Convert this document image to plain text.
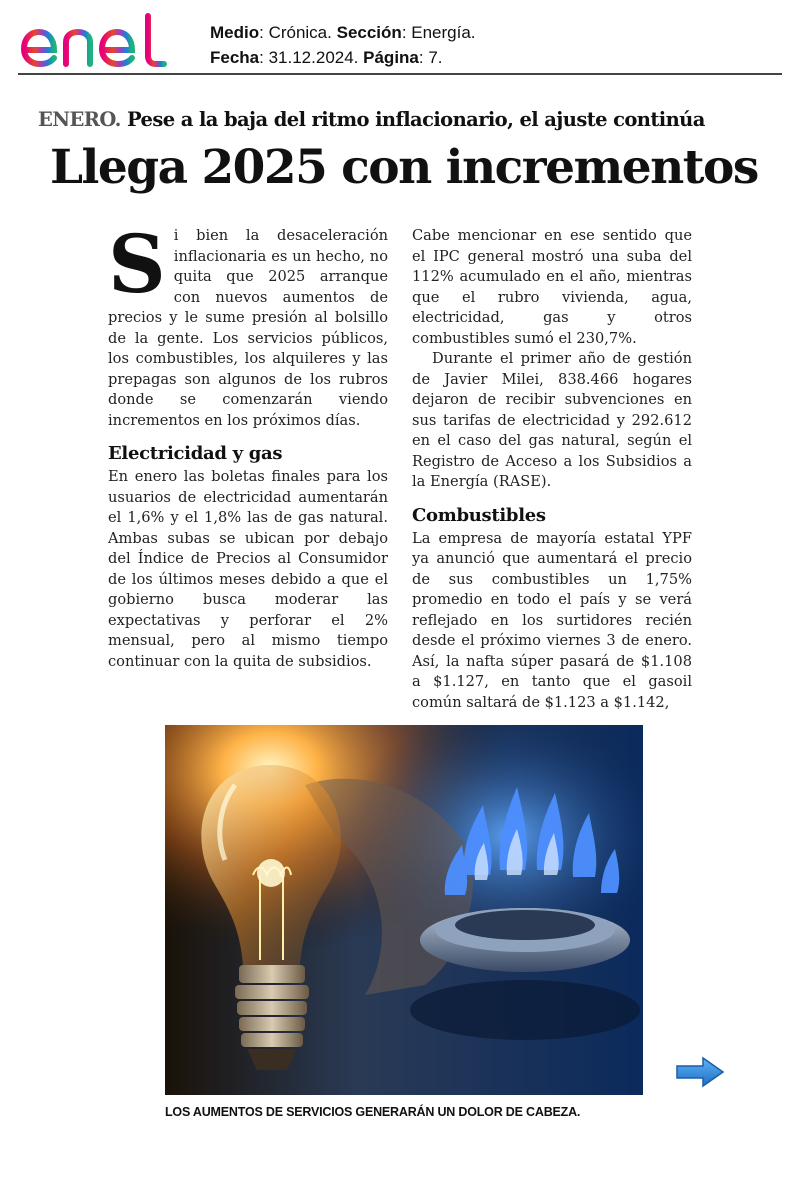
Medio: Crónica. Sección: Energía.
Fecha: 31.12.2024. Página: 7.
ENERO. Pese a la baja del ritmo inflacionario, el ajuste continúa
Llega 2025 con incrementos

Si bien la desaceleración inflacionaria es un hecho, no quita que 2025 arranque con nuevos aumentos de precios y le sume presión al bolsillo de la gente. Los servicios públicos, los combustibles, los alquileres y las prepagas son algunos de los rubros donde se comenzarán viendo incrementos en los próximos días.

Electricidad y gas

En enero las boletas finales para los usuarios de electricidad aumentarán el 1,6% y el 1,8% las de gas natural. Ambas subas se ubican por debajo del Índice de Precios al Consumidor de los últimos meses debido a que el gobierno busca moderar las expectativas y perforar el 2% mensual, pero al mismo tiempo continuar con la quita de subsidios.

Cabe mencionar en ese sentido que el IPC general mostró una suba del 112% acumulado en el año, mientras que el rubro vivienda, agua, electricidad, gas y otros combustibles sumó el 230,7%.

Durante el primer año de gestión de Javier Milei, 838.466 hogares dejaron de recibir subvenciones en sus tarifas de electricidad y 292.612 en el caso del gas natural, según el Registro de Acceso a los Subsidios a la Energía (RASE).

Combustibles

La empresa de mayoría estatal YPF ya anunció que aumentará el precio de sus combustibles un 1,75% promedio en todo el país y se verá reflejado en los surtidores recién desde el próximo viernes 3 de enero. Así, la nafta súper pasará de $1.108 a $1.127, en tanto que el gasoil común saltará de $1.123 a $1.142,

LOS AUMENTOS DE SERVICIOS GENERARÁN UN DOLOR DE CABEZA.
